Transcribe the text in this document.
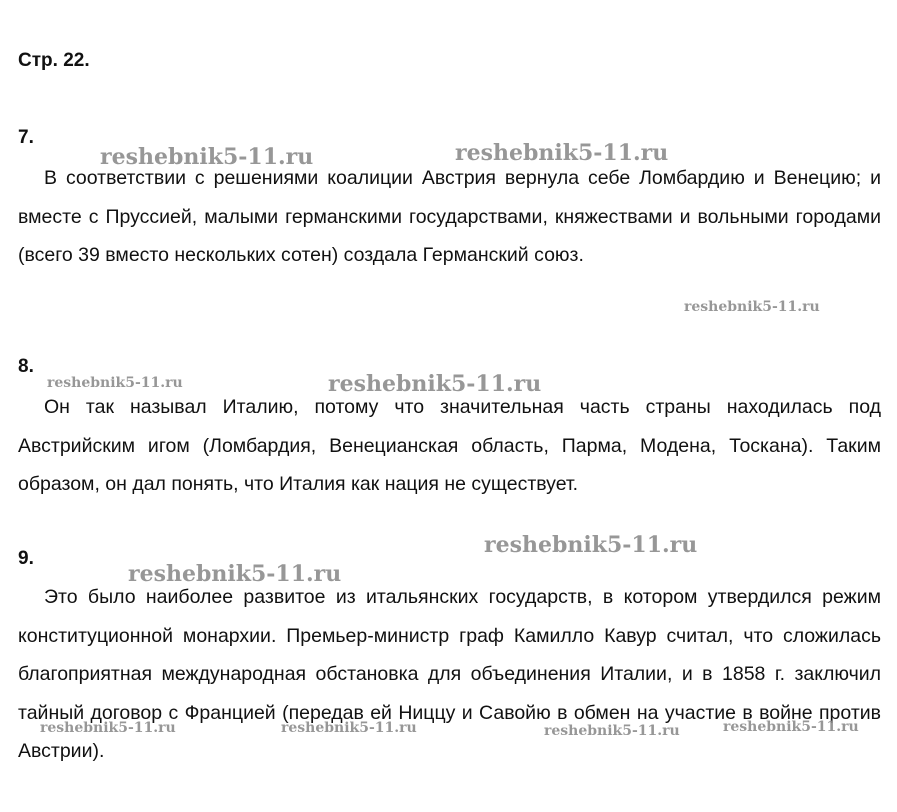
Стр. 22.

7.

В соответствии с решениями коалиции Австрия вернула себе Ломбардию и Венецию; и вместе с Пруссией, малыми германскими государствами, княжествами и вольными городами (всего 39 вместо нескольких сотен) создала Германский союз.

8.

Он так называл Италию, потому что значительная часть страны находилась под Австрийским игом (Ломбардия, Венецианская область, Парма, Модена, Тоскана). Таким образом, он дал понять, что Италия как нация не существует.

9.

Это было наиболее развитое из итальянских государств, в котором утвердился режим конституционной монархии. Премьер-министр граф Камилло Кавур считал, что сложилась благоприятная международная обстановка для объединения Италии, и в 1858 г. заключил тайный договор с Францией (передав ей Ниццу и Савойю в обмен на участие в войне против Австрии).

reshebnik5-11.ru	reshebnik5-11.ru
reshebnik5-11.ru
reshebnik5-11.ru	reshebnik5-11.ru
reshebnik5-11.ru
reshebnik5-11.ru
reshebnik5-11.ru	reshebnik5-11.ru	reshebnik5-11.ru	reshebnik5-11.ru
